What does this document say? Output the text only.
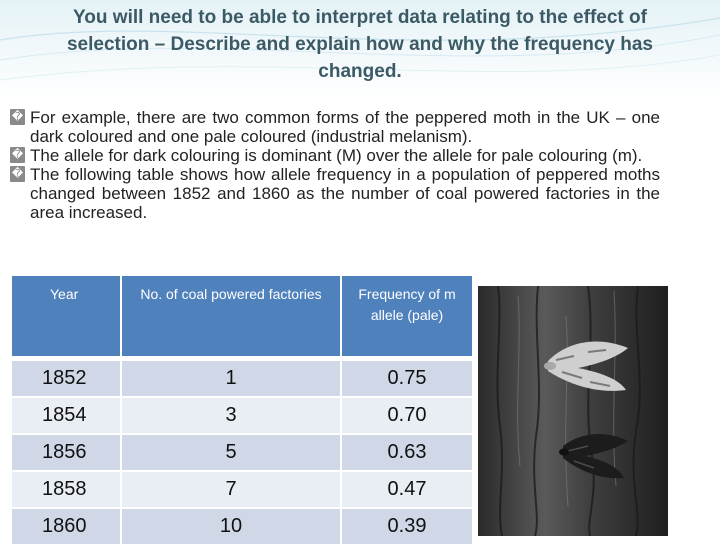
You will need to be able to interpret data relating to the effect of selection – Describe and explain how and why the frequency has changed.
� For example, there are two common forms of the peppered moth in the UK – one dark coloured and one pale coloured (industrial melanism).
� The allele for dark colouring is dominant (M) over the allele for pale colouring (m).
� The following table shows how allele frequency in a population of peppered moths changed between 1852 and 1860 as the number of coal powered factories in the area increased.
Year	No. of coal powered factories	Frequency of m allele (pale)
1852	1	0.75
1854	3	0.70
1856	5	0.63
1858	7	0.47
1860	10	0.39
